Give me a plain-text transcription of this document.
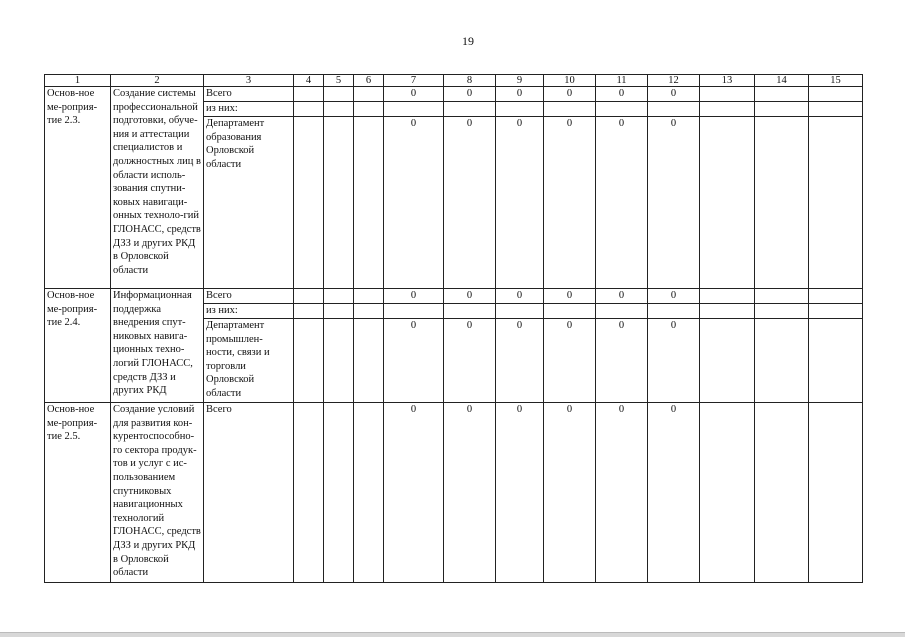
19
1	2	3	4	5	6	7	8	9	10	11	12	13	14	15
Основ-ное ме-роприя-тие 2.3.	Создание системы профессиональной подготовки, обуче-ния и аттестации специалистов и должностных лиц в области исполь-зования спутни-ковых навигаци-онных техноло-гий ГЛОНАСС, средств ДЗЗ и других РКД в Орловской области	Всего				0	0	0	0	0	0			
		из них:												
		Департамент образования Орловской области				0	0	0	0	0	0			
Основ-ное ме-роприя-тие 2.4.	Информационная поддержка внедрения спут-никовых навига-ционных техно-логий ГЛОНАСС, средств ДЗЗ и других РКД	Всего				0	0	0	0	0	0			
		из них:												
		Департамент промышлен-ности, связи и торговли Орловской области				0	0	0	0	0	0			
Основ-ное ме-роприя-тие 2.5.	Создание условий для развития кон-курентоспособно-го сектора продук-тов и услуг с ис-пользованием спутниковых навигационных технологий ГЛОНАСС, средств ДЗЗ и других РКД в Орловской области	Всего				0	0	0	0	0	0			
